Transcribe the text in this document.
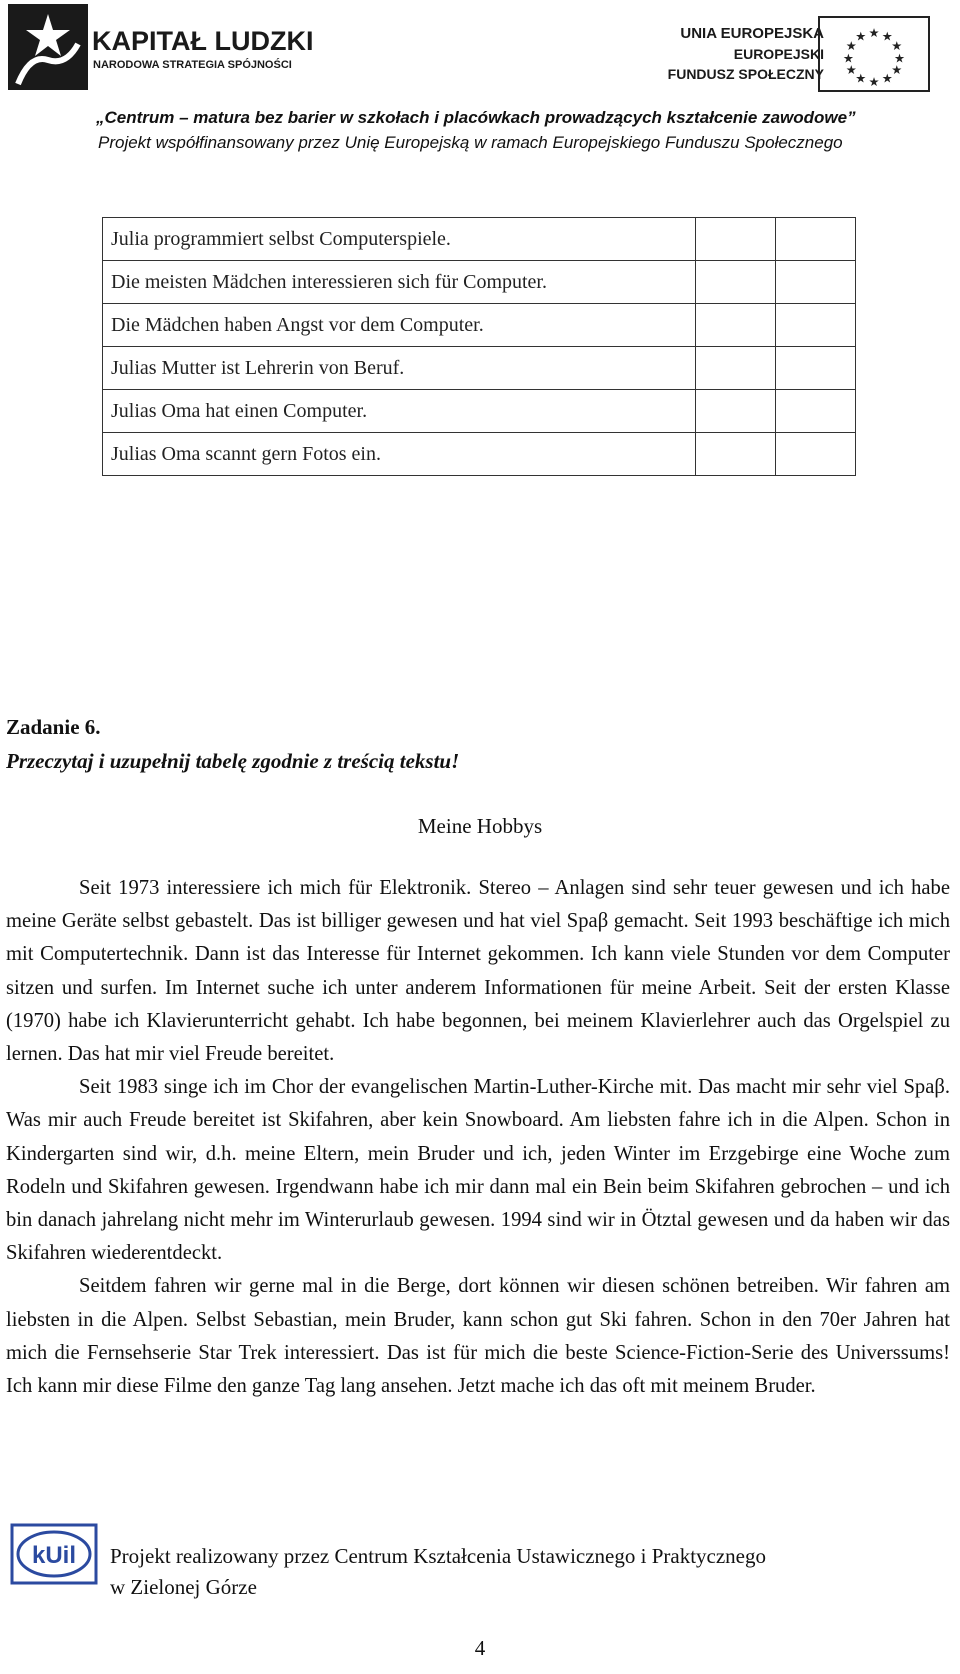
KAPITAŁ LUDZKI
NARODOWA STRATEGIA SPÓJNOŚCI
UNIA EUROPEJSKA
EUROPEJSKI
FUNDUSZ SPOŁECZNY
★ ★
★
★
★
★
★
★
★
★
★
★
„Centrum – matura bez barier w szkołach i placówkach prowadzących kształcenie zawodowe”
Projekt współfinansowany przez Unię Europejską w ramach Europejskiego Funduszu Społecznego
Julia programmiert selbst Computerspiele.		
Die meisten Mädchen interessieren sich für Computer.		
Die Mädchen haben Angst vor dem Computer.		
Julias Mutter ist Lehrerin von Beruf.		
Julias Oma hat einen Computer.		
Julias Oma scannt gern Fotos ein.		
Zadanie 6.
Przeczytaj i uzupełnij tabelę zgodnie z treścią tekstu!
Meine Hobbys

Seit 1973 interessiere ich mich für Elektronik. Stereo – Anlagen sind sehr teuer gewesen und ich habe meine Geräte selbst gebastelt. Das ist billiger gewesen und hat viel Spaβ gemacht. Seit 1993 beschäftige ich mich mit Computertechnik. Dann ist das Interesse für Internet gekommen. Ich kann viele Stunden vor dem Computer sitzen und surfen. Im Internet suche ich unter anderem Informationen für meine Arbeit. Seit der ersten Klasse (1970) habe ich Klavierunterricht gehabt. Ich habe begonnen, bei meinem Klavierlehrer auch das Orgelspiel zu lernen. Das hat mir viel Freude bereitet.

Seit 1983 singe ich im Chor der evangelischen Martin-Luther-Kirche mit. Das macht mir sehr viel Spaβ. Was mir auch Freude bereitet ist Skifahren, aber kein Snowboard. Am liebsten fahre ich in die Alpen. Schon in Kindergarten sind wir, d.h. meine Eltern, mein Bruder und ich, jeden Winter im Erzgebirge eine Woche zum Rodeln und Skifahren gewesen. Irgendwann habe ich mir dann mal ein Bein beim Skifahren gebrochen – und ich bin danach jahrelang nicht mehr im Winterurlaub gewesen. 1994 sind wir in Ötztal gewesen und da haben wir das Skifahren wiederentdeckt.

Seitdem fahren wir gerne mal in die Berge, dort können wir diesen schönen betreiben. Wir fahren am liebsten in die Alpen. Selbst Sebastian, mein Bruder, kann schon gut Ski fahren. Schon in den 70er Jahren hat mich die Fernsehserie Star Trek interessiert. Das ist für mich die beste Science-Fiction-Serie des Universsums! Ich kann mir diese Filme den ganze Tag lang ansehen. Jetzt mache ich das oft mit meinem Bruder.

kUil Projekt realizowany przez Centrum Kształcenia Ustawicznego i Praktycznego
w Zielonej Górze
4
